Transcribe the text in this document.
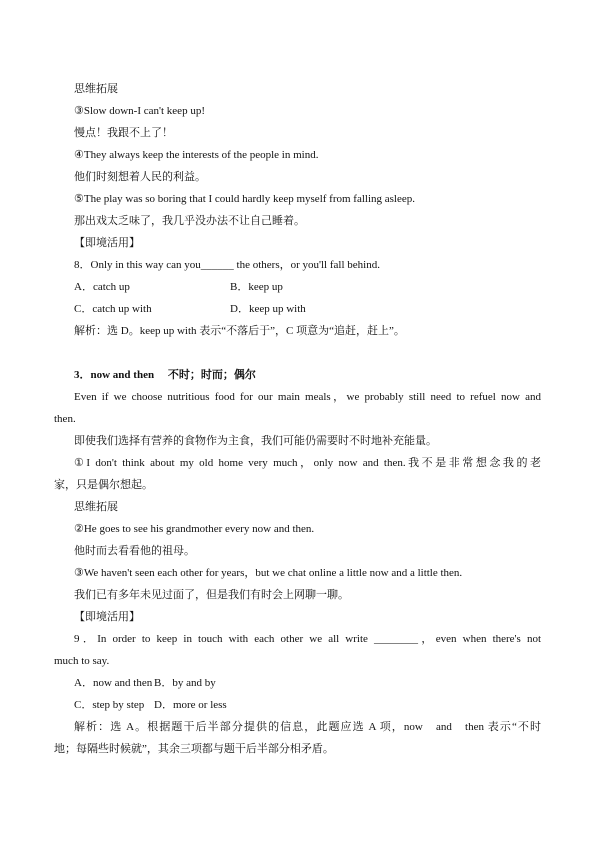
思维拓展
③Slow down-I can't keep up!
慢点！我跟不上了！
④They always keep the interests of the people in mind.
他们时刻想着人民的利益。
⑤The play was so boring that I could hardly keep myself from falling asleep.
那出戏太乏味了，我几乎没办法不让自己睡着。
【即境活用】
8．Only in this way can you______ the others，or you'll fall behind.
A．catch up	B．keep up
C．catch up with	D．keep up with
解析：选 D。keep up with 表示“不落后于”，C 项意为“追赶，赶上”。
3．now and then　 不时；时而；偶尔
Even if we choose nutritious food for our main meals，we probably still need to refuel now and
then.
即使我们选择有营养的食物作为主食，我们可能仍需要时不时地补充能量。
①I don't think about my old home very much，only now and then.我不是非常想念我的老
家，只是偶尔想起。
思维拓展
②He goes to see his grandmother every now and then.
他时而去看看他的祖母。
③We haven't seen each other for years，but we chat online a little now and a little then.
我们已有多年未见过面了，但是我们有时会上网聊一聊。
【即境活用】
9．In order to keep in touch with each other we all write ________，even when there's not
much to say.
A．now and then B．by and by
C．step by step D．more or less
解析：选 A。根据题干后半部分提供的信息，此题应选 A 项，now　and　then 表示“不时
地；每隔些时候就”，其余三项都与题干后半部分相矛盾。
